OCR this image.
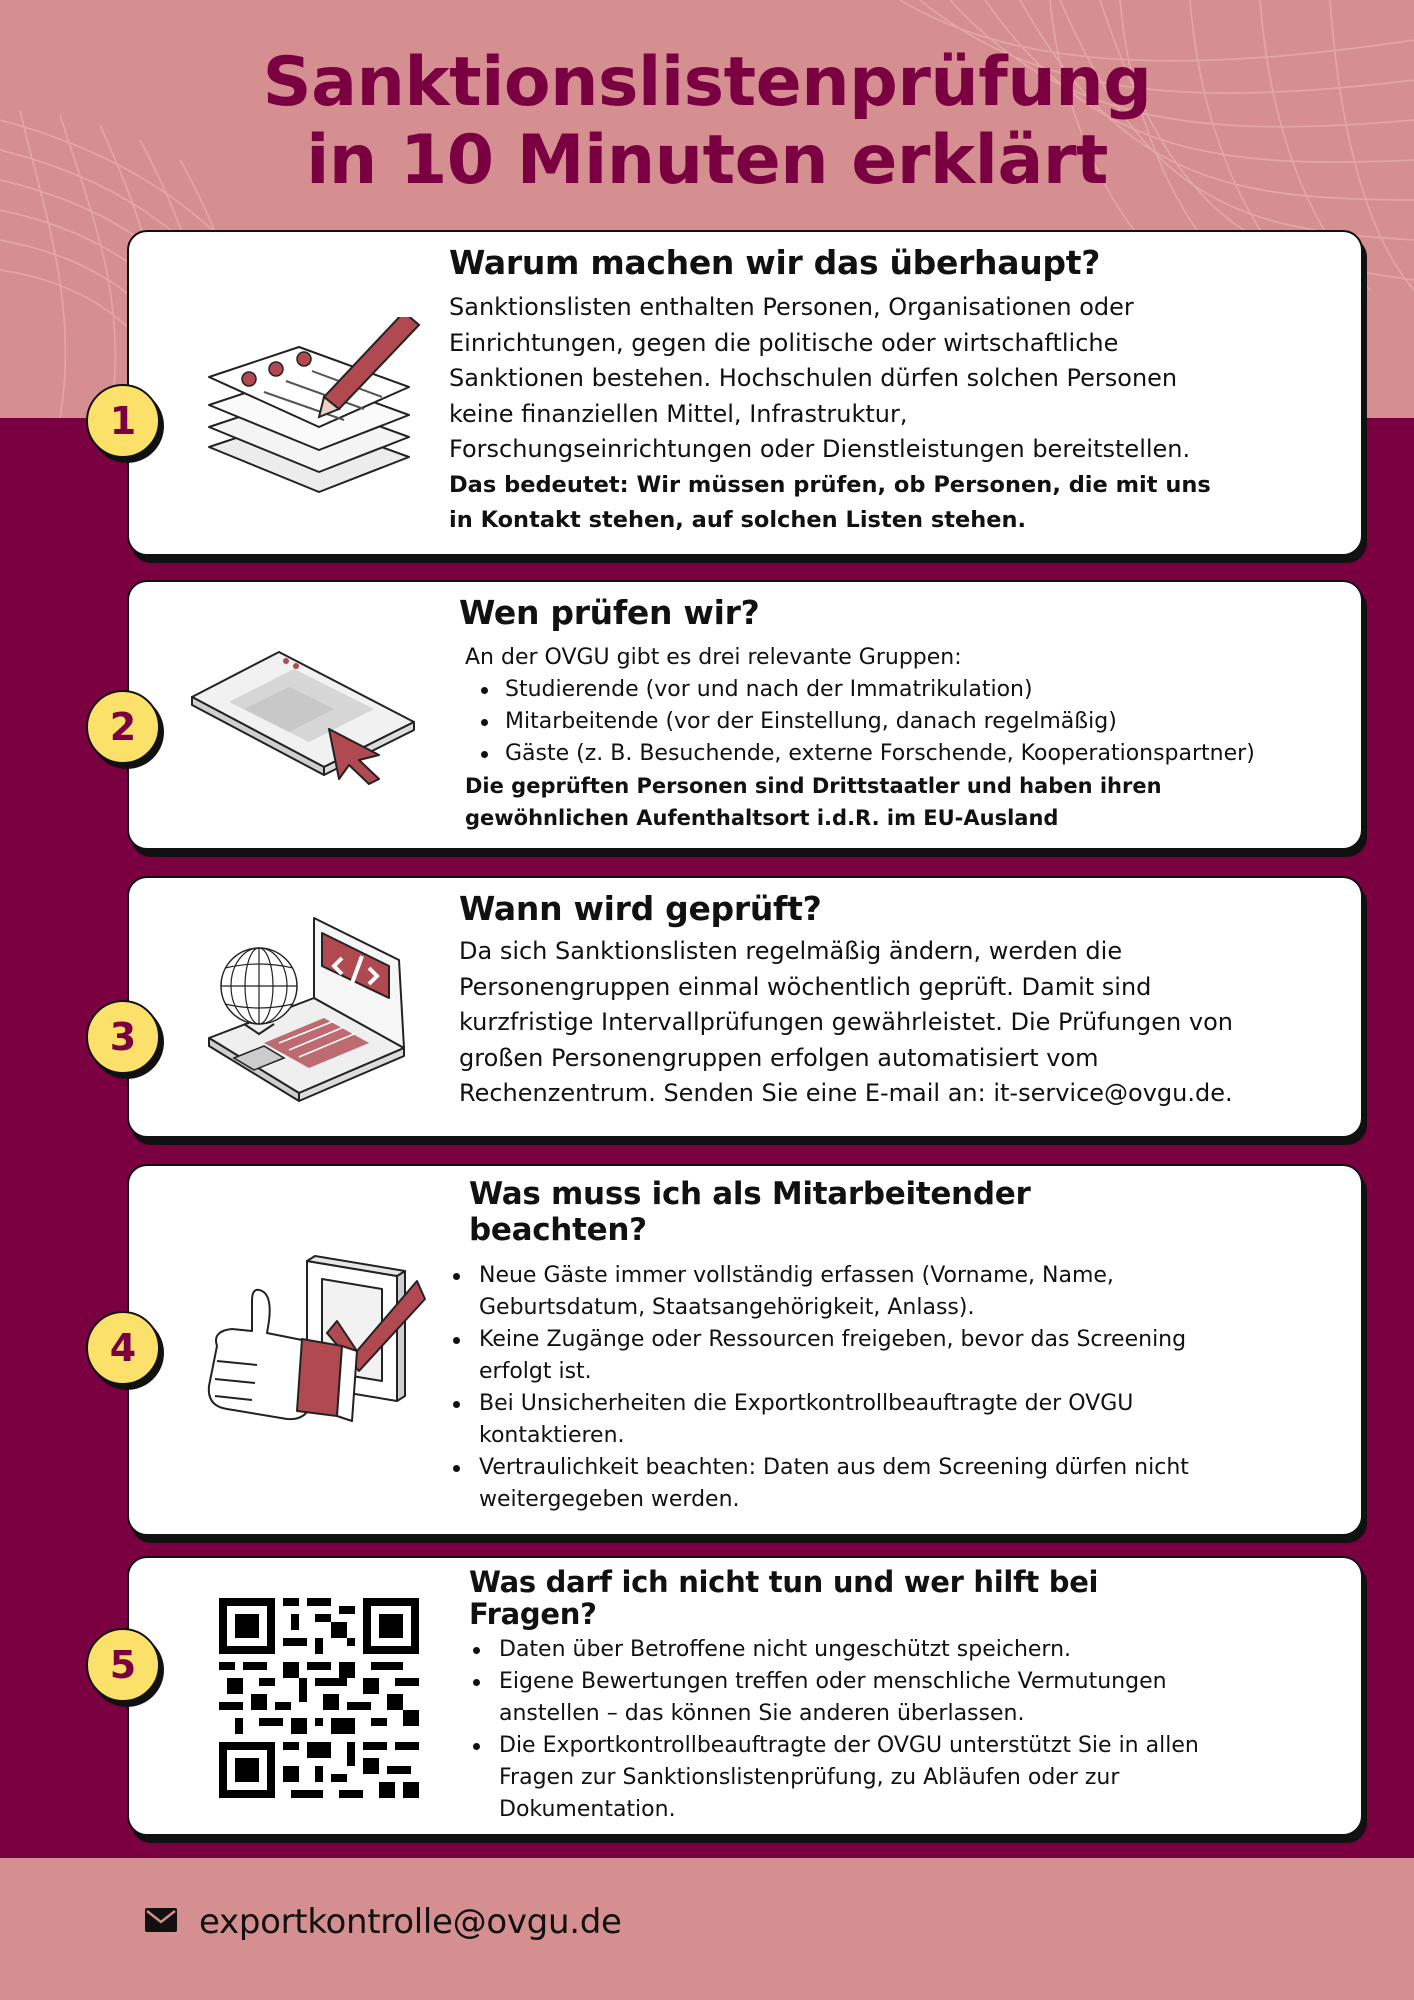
Sanktionslistenprüfung
in 10 Minuten erklärt
Warum machen wir das überhaupt?
Sanktionslisten enthalten Personen, Organisationen oder
Einrichtungen, gegen die politische oder wirtschaftliche
Sanktionen bestehen. Hochschulen dürfen solchen Personen
keine finanziellen Mittel, Infrastruktur,
Forschungseinrichtungen oder Dienstleistungen bereitstellen.
Das bedeutet: Wir müssen prüfen, ob Personen, die mit uns
in Kontakt stehen, auf solchen Listen stehen.
1
Wen prüfen wir?
An der OVGU gibt es drei relevante Gruppen:
Studierende (vor und nach der Immatrikulation)
Mitarbeitende (vor der Einstellung, danach regelmäßig)
Gäste (z. B. Besuchende, externe Forschende, Kooperationspartner)
Die geprüften Personen sind Drittstaatler und haben ihren
gewöhnlichen Aufenthaltsort i.d.R. im EU-Ausland
2
Wann wird geprüft?
Da sich Sanktionslisten regelmäßig ändern, werden die
Personengruppen einmal wöchentlich geprüft. Damit sind
kurzfristige Intervallprüfungen gewährleistet. Die Prüfungen von
großen Personengruppen erfolgen automatisiert vom
Rechenzentrum. Senden Sie eine E-mail an: it-service@ovgu.de.
3
Was muss ich als Mitarbeitender
beachten?
Neue Gäste immer vollständig erfassen (Vorname, Name,
Geburtsdatum, Staatsangehörigkeit, Anlass).
Keine Zugänge oder Ressourcen freigeben, bevor das Screening
erfolgt ist.
Bei Unsicherheiten die Exportkontrollbeauftragte der OVGU
kontaktieren.
Vertraulichkeit beachten: Daten aus dem Screening dürfen nicht
weitergegeben werden.
4
Was darf ich nicht tun und wer hilft bei
Fragen?
Daten über Betroffene nicht ungeschützt speichern.
Eigene Bewertungen treffen oder menschliche Vermutungen
anstellen – das können Sie anderen überlassen.
Die Exportkontrollbeauftragte der OVGU unterstützt Sie in allen
Fragen zur Sanktionslistenprüfung, zu Abläufen oder zur
Dokumentation.
5
exportkontrolle@ovgu.de
